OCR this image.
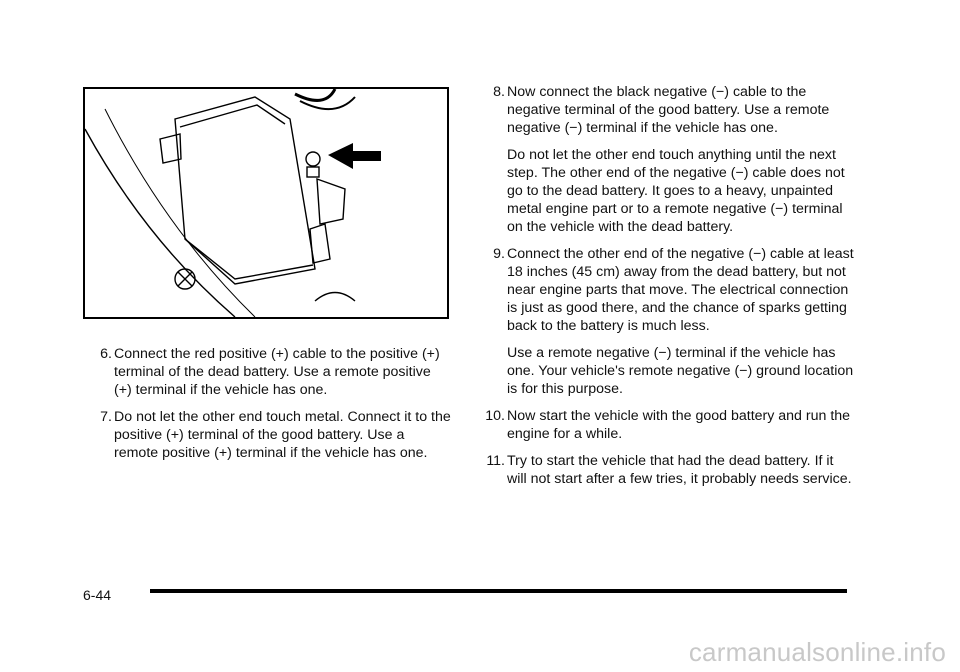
6. Connect the red positive (+) cable to the positive (+) terminal of the dead battery. Use a remote positive (+) terminal if the vehicle has one.
7. Do not let the other end touch metal. Connect it to the positive (+) terminal of the good battery. Use a remote positive (+) terminal if the vehicle has one.
8. Now connect the black negative (−) cable to the negative terminal of the good battery. Use a remote negative (−) terminal if the vehicle has one.
Do not let the other end touch anything until the next step. The other end of the negative (−) cable does not go to the dead battery. It goes to a heavy, unpainted metal engine part or to a remote negative (−) terminal on the vehicle with the dead battery.
9. Connect the other end of the negative (−) cable at least 18 inches (45 cm) away from the dead battery, but not near engine parts that move. The electrical connection is just as good there, and the chance of sparks getting back to the battery is much less.
Use a remote negative (−) terminal if the vehicle has one. Your vehicle's remote negative (−) ground location is for this purpose.
10. Now start the vehicle with the good battery and run the engine for a while.
11. Try to start the vehicle that had the dead battery. If it will not start after a few tries, it probably needs service.
6-44
carmanualsonline.info
